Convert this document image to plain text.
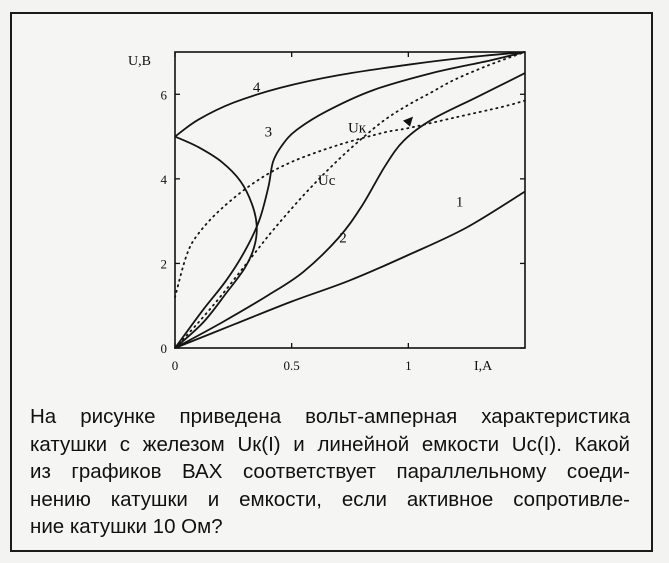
0
2
4
6
0	0.5	1
U,B
I,A
4
3	Uк
Uc
2
1
На рисунке приведена вольт-амперная характеристика
катушки с железом Uк(I) и линейной емкости Uc(I). Какой
из графиков ВАХ соответствует параллельному соеди-
нению катушки и емкости, если активное сопротивле-
ние катушки 10 Ом?
